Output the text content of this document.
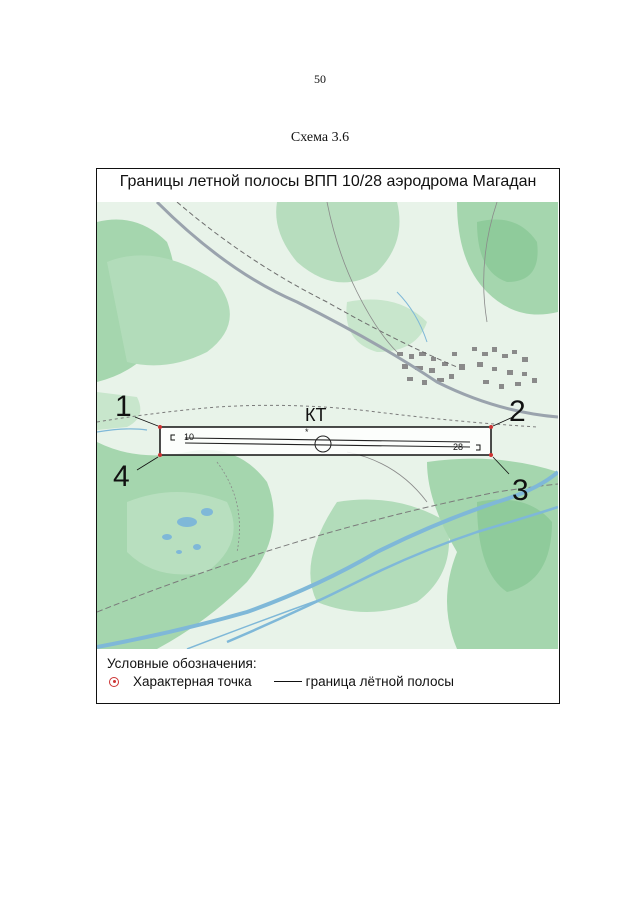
50
Схема 3.6
Границы летной полосы ВПП 10/28 аэродрома Магадан
*
1	2
3
4
КТ
10
28
Условные обозначения:
Характерная точка	граница лётной полосы
